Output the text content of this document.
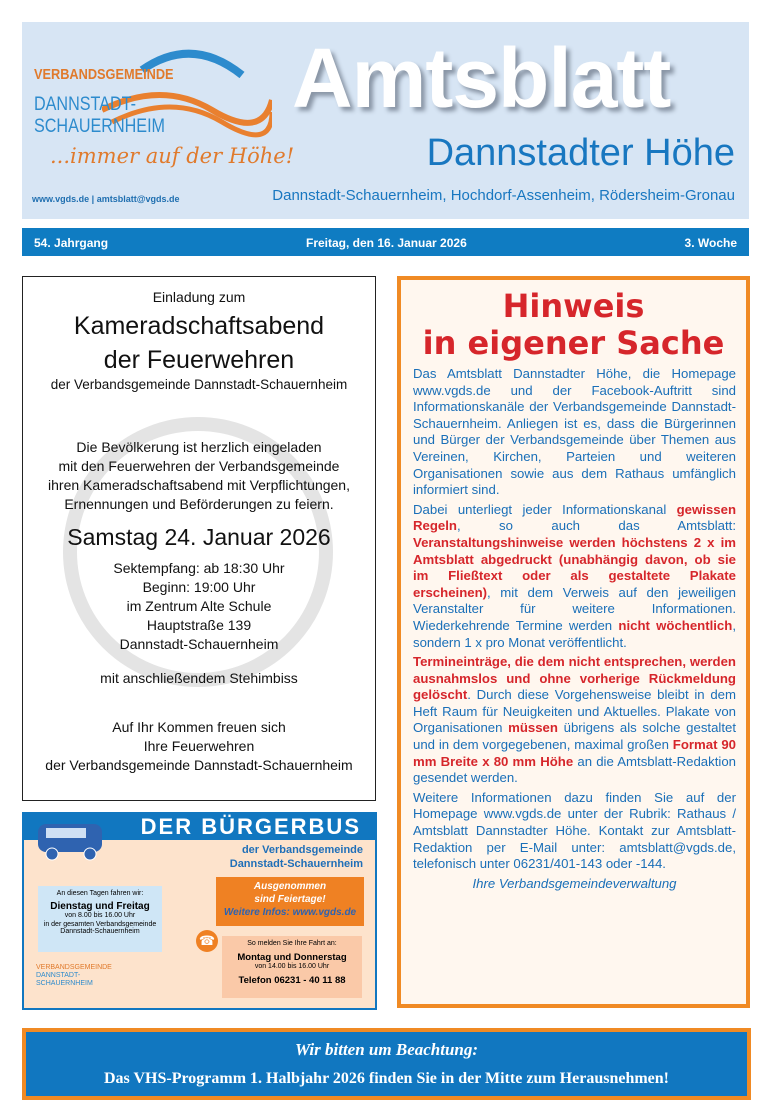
VERBANDSGEMEINDE
DANNSTADT-
SCHAUERNHEIM
...immer auf der Höhe!
www.vgds.de | amtsblatt@vgds.de
Amtsblatt
Dannstadter Höhe
Dannstadt-Schauernheim, Hochdorf-Assenheim, Rödersheim-Gronau
54. Jahrgang	Freitag, den 16. Januar 2026	3. Woche

Einladung zum

Kameradschaftsabend

der Feuerwehren

der Verbandsgemeinde Dannstadt-Schauernheim

Die Bevölkerung ist herzlich eingeladen

mit den Feuerwehren der Verbandsgemeinde

ihren Kameradschaftsabend mit Verpflichtungen,

Ernennungen und Beförderungen zu feiern.

Samstag 24. Januar 2026

Sektempfang: ab 18:30 Uhr

Beginn: 19:00 Uhr

im Zentrum Alte Schule

Hauptstraße 139

Dannstadt-Schauernheim

mit anschließendem Stehimbiss

Auf Ihr Kommen freuen sich

Ihre Feuerwehren

der Verbandsgemeinde Dannstadt-Schauernheim

DER BÜRGERBUS
der Verbandsgemeinde
Dannstadt-Schauernheim
An diesen Tagen fahren wir:
Dienstag und Freitag
von 8.00 bis 16.00 Uhr
in der gesamten Verbandsgemeinde Dannstadt-Schauernheim
Ausgenommen
sind Feiertage!
Weitere Infos: www.vgds.de
☎	So melden Sie Ihre Fahrt an:
Montag und Donnerstag
von 14.00 bis 16.00 Uhr
Telefon 06231 - 40 11 88
VERBANDSGEMEINDE
DANNSTADT-
SCHAUERNHEIM
Hinweis
in eigener Sache

Das Amtsblatt Dannstadter Höhe, die Homepage www.vgds.de und der Facebook-Auftritt sind Informationskanäle der Verbandsgemeinde Dannstadt-Schauernheim. Anliegen ist es, dass die Bürgerinnen und Bürger der Verbandsgemeinde über Themen aus Vereinen, Kirchen, Parteien und weiteren Organisationen sowie aus dem Rathaus umfänglich informiert sind.

Dabei unterliegt jeder Informationskanal gewissen Regeln, so auch das Amtsblatt: Veranstaltungshinweise werden höchstens 2 x im Amtsblatt abgedruckt (unabhängig davon, ob sie im Fließtext oder als gestaltete Plakate erscheinen), mit dem Verweis auf den jeweiligen Veranstalter für weitere Informationen. Wiederkehrende Termine werden nicht wöchentlich, sondern 1 x pro Monat veröffentlicht.

Termineinträge, die dem nicht entsprechen, werden ausnahmslos und ohne vorherige Rückmeldung gelöscht. Durch diese Vorgehensweise bleibt in dem Heft Raum für Neuigkeiten und Aktuelles. Plakate von Organisationen müssen übrigens als solche gestaltet und in dem vorgegebenen, maximal großen Format 90 mm Breite x 80 mm Höhe an die Amtsblatt-Redaktion gesendet werden.

Weitere Informationen dazu finden Sie auf der Homepage www.vgds.de unter der Rubrik: Rathaus / Amtsblatt Dannstadter Höhe. Kontakt zur Amtsblatt-Redaktion per E-Mail unter: amtsblatt@vgds.de, telefonisch unter 06231/401-143 oder -144.

Ihre Verbandsgemeindeverwaltung

Wir bitten um Beachtung:
Das VHS-Programm 1. Halbjahr 2026 finden Sie in der Mitte zum Herausnehmen!
